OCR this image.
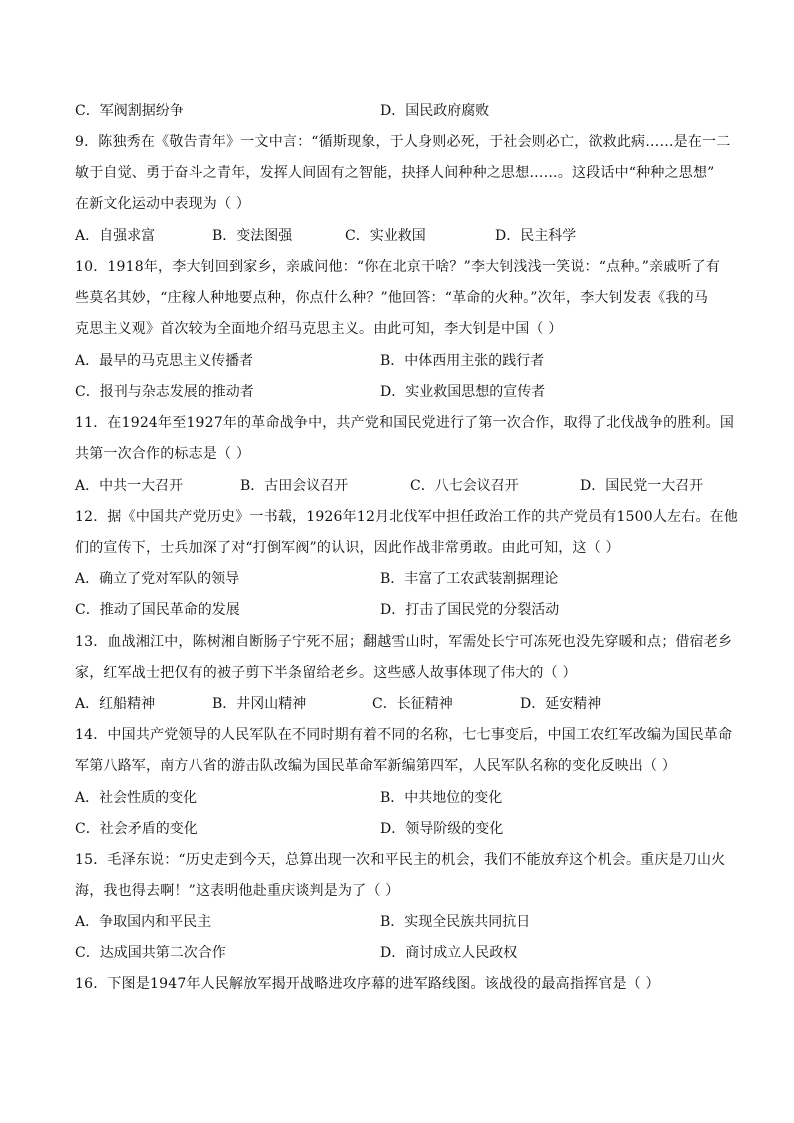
9．陈独秀在《敬告青年》一文中言：“循斯现象，于人身则必死，于社会则必亡，欲救此病……是在一二
敏于自觉、勇于奋斗之青年，发挥人间固有之智能，抉择人间种种之思想……。这段话中“种种之思想”
在新文化运动中表现为（ ）
10．1918年，李大钊回到家乡，亲戚问他：“你在北京干啥？”李大钊浅浅一笑说：“点种。”亲戚听了有
些莫名其妙，“庄稼人种地要点种，你点什么种？”他回答：“革命的火种。”次年，李大钊发表《我的马
克思主义观》首次较为全面地介绍马克思主义。由此可知，李大钊是中国（ ）
11．在1924年至1927年的革命战争中，共产党和国民党进行了第一次合作，取得了北伐战争的胜利。国
共第一次合作的标志是（ ）
12．据《中国共产党历史》一书载，1926年12月北伐军中担任政治工作的共产党员有1500人左右。在他
们的宣传下，士兵加深了对“打倒军阀”的认识，因此作战非常勇敢。由此可知，这（ ）
13．血战湘江中，陈树湘自断肠子宁死不屈；翻越雪山时，军需处长宁可冻死也没先穿暖和点；借宿老乡
家，红军战士把仅有的被子剪下半条留给老乡。这些感人故事体现了伟大的（ ）
14．中国共产党领导的人民军队在不同时期有着不同的名称，七七事变后，中国工农红军改编为国民革命
军第八路军，南方八省的游击队改编为国民革命军新编第四军，人民军队名称的变化反映出（ ）
15．毛泽东说：“历史走到今天，总算出现一次和平民主的机会，我们不能放弃这个机会。重庆是刀山火
海，我也得去啊！”这表明他赴重庆谈判是为了（ ）
16．下图是1947年人民解放军揭开战略进攻序幕的进军路线图。该战役的最高指挥官是（ ）
C．军阀割据纷争	D．国民政府腐败
A．自强求富	B．变法图强	C．实业救国	D．民主科学
A．最早的马克思主义传播者	B．中体西用主张的践行者
C．报刊与杂志发展的推动者	D．实业救国思想的宣传者
A．中共一大召开	B．古田会议召开	C．八七会议召开	D．国民党一大召开
A．确立了党对军队的领导	B．丰富了工农武装割据理论
C．推动了国民革命的发展	D．打击了国民党的分裂活动
A．红船精神	B．井冈山精神	C．长征精神	D．延安精神
A．社会性质的变化	B．中共地位的变化
C．社会矛盾的变化	D．领导阶级的变化
A．争取国内和平民主	B．实现全民族共同抗日
C．达成国共第二次合作	D．商讨成立人民政权
